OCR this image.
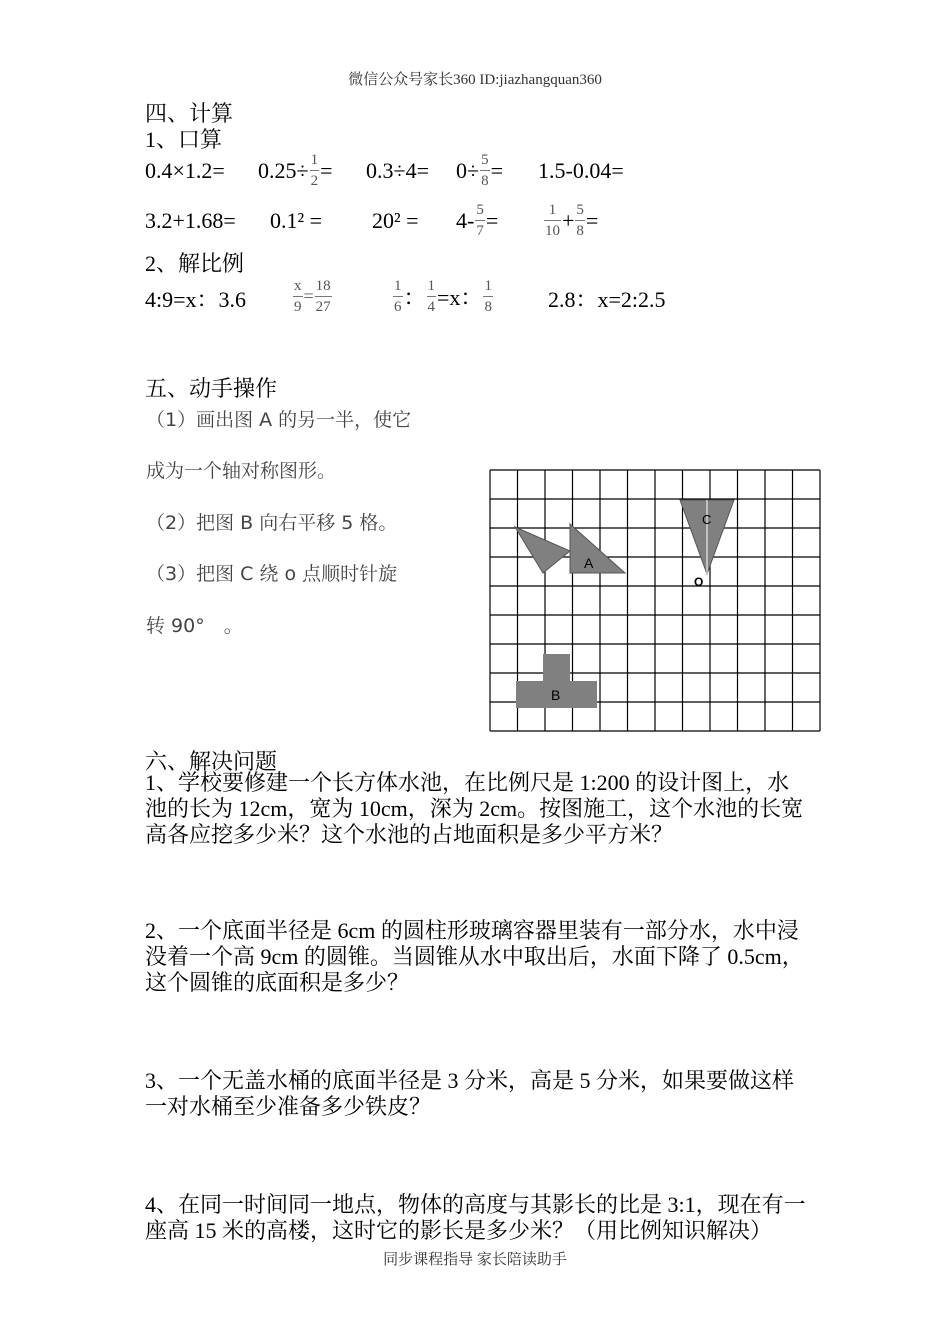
微信公众号家长360 ID:jiazhangquan360
四、计算
1、口算
$0.4\times 1.2= 0.25\div \frac{1}{2} = 0.3\div 4= 0\div \frac{5}{8} = 1.5-0.04=$
$3.2+1.68= 0.1^2 = 20^2 = 4- \frac{5}{7}$ =	$\frac{1}{10} + \frac{5}{8}$ =
2、解比例
4:9=x：3.6	$\frac{x}{9} = \frac{18}{27}$	$\frac{1}{6}$ ： $\frac{1}{4} =x$： $\frac{1}{8}$	2.8：x=2:2.5
五、动手操作
（1）画出图 A 的另一半，使它
成为一个轴对称图形。
（2）把图 B 向右平移 5 格。
（3）把图 C 绕 o 点顺时针旋
转 90°　。
A
B
C
O
六、解决问题
1、学校要修建一个长方体水池，在比例尺是 1:200 的设计图上，水池的长为 12cm，宽为 10cm，深为 2cm。按图施工，这个水池的长宽高各应挖多少米？这个水池的占地面积是多少平方米？
2、一个底面半径是 6cm 的圆柱形玻璃容器里装有一部分水，水中浸没着一个高 9cm 的圆锥。当圆锥从水中取出后，水面下降了 0.5cm，这个圆锥的底面积是多少？
3、一个无盖水桶的底面半径是 3 分米，高是 5 分米，如果要做这样一对水桶至少准备多少铁皮？
4、在同一时间同一地点，物体的高度与其影长的比是 3:1，现在有一座高 15 米的高楼，这时它的影长是多少米？（用比例知识解决）
同步课程指导 家长陪读助手
